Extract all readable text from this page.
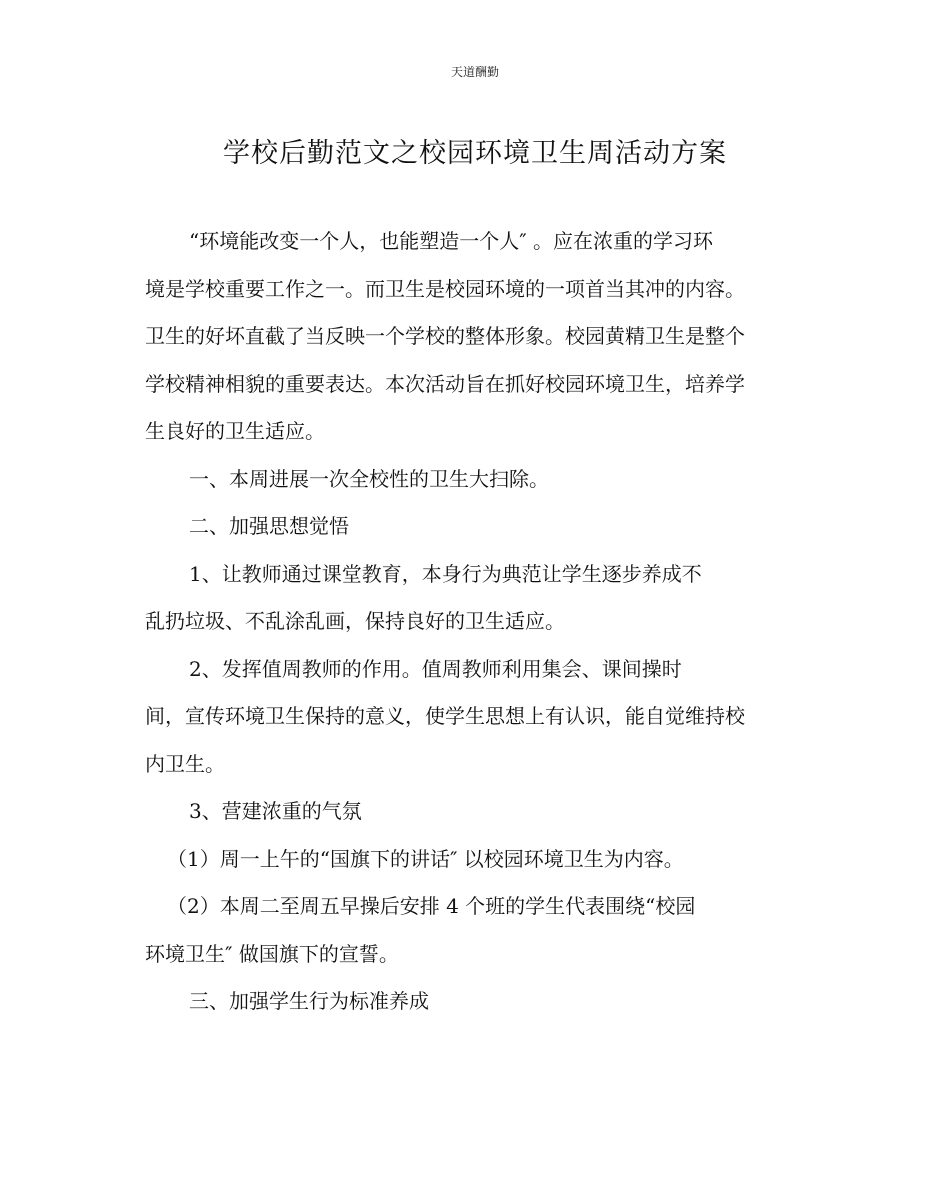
天道酬勤
学校后勤范文之校园环境卫生周活动方案

“环境能改变一个人，也能塑造一个人″ 。应在浓重的学习环
境是学校重要工作之一。而卫生是校园环境的一项首当其冲的内容。
卫生的好坏直截了当反映一个学校的整体形象。校园黄精卫生是整个
学校精神相貌的重要表达。本次活动旨在抓好校园环境卫生，培养学
生良好的卫生适应。

一、本周进展一次全校性的卫生大扫除。

二、加强思想觉悟

1、让教师通过课堂教育，本身行为典范让学生逐步养成不
乱扔垃圾、不乱涂乱画，保持良好的卫生适应。

2、发挥值周教师的作用。值周教师利用集会、课间操时
间，宣传环境卫生保持的意义，使学生思想上有认识，能自觉维持校
内卫生。

3、营建浓重的气氛

（1）周一上午的“国旗下的讲话″ 以校园环境卫生为内容。

（2）本周二至周五早操后安排 4 个班的学生代表围绕“校园
环境卫生″ 做国旗下的宣誓。

三、加强学生行为标准养成
